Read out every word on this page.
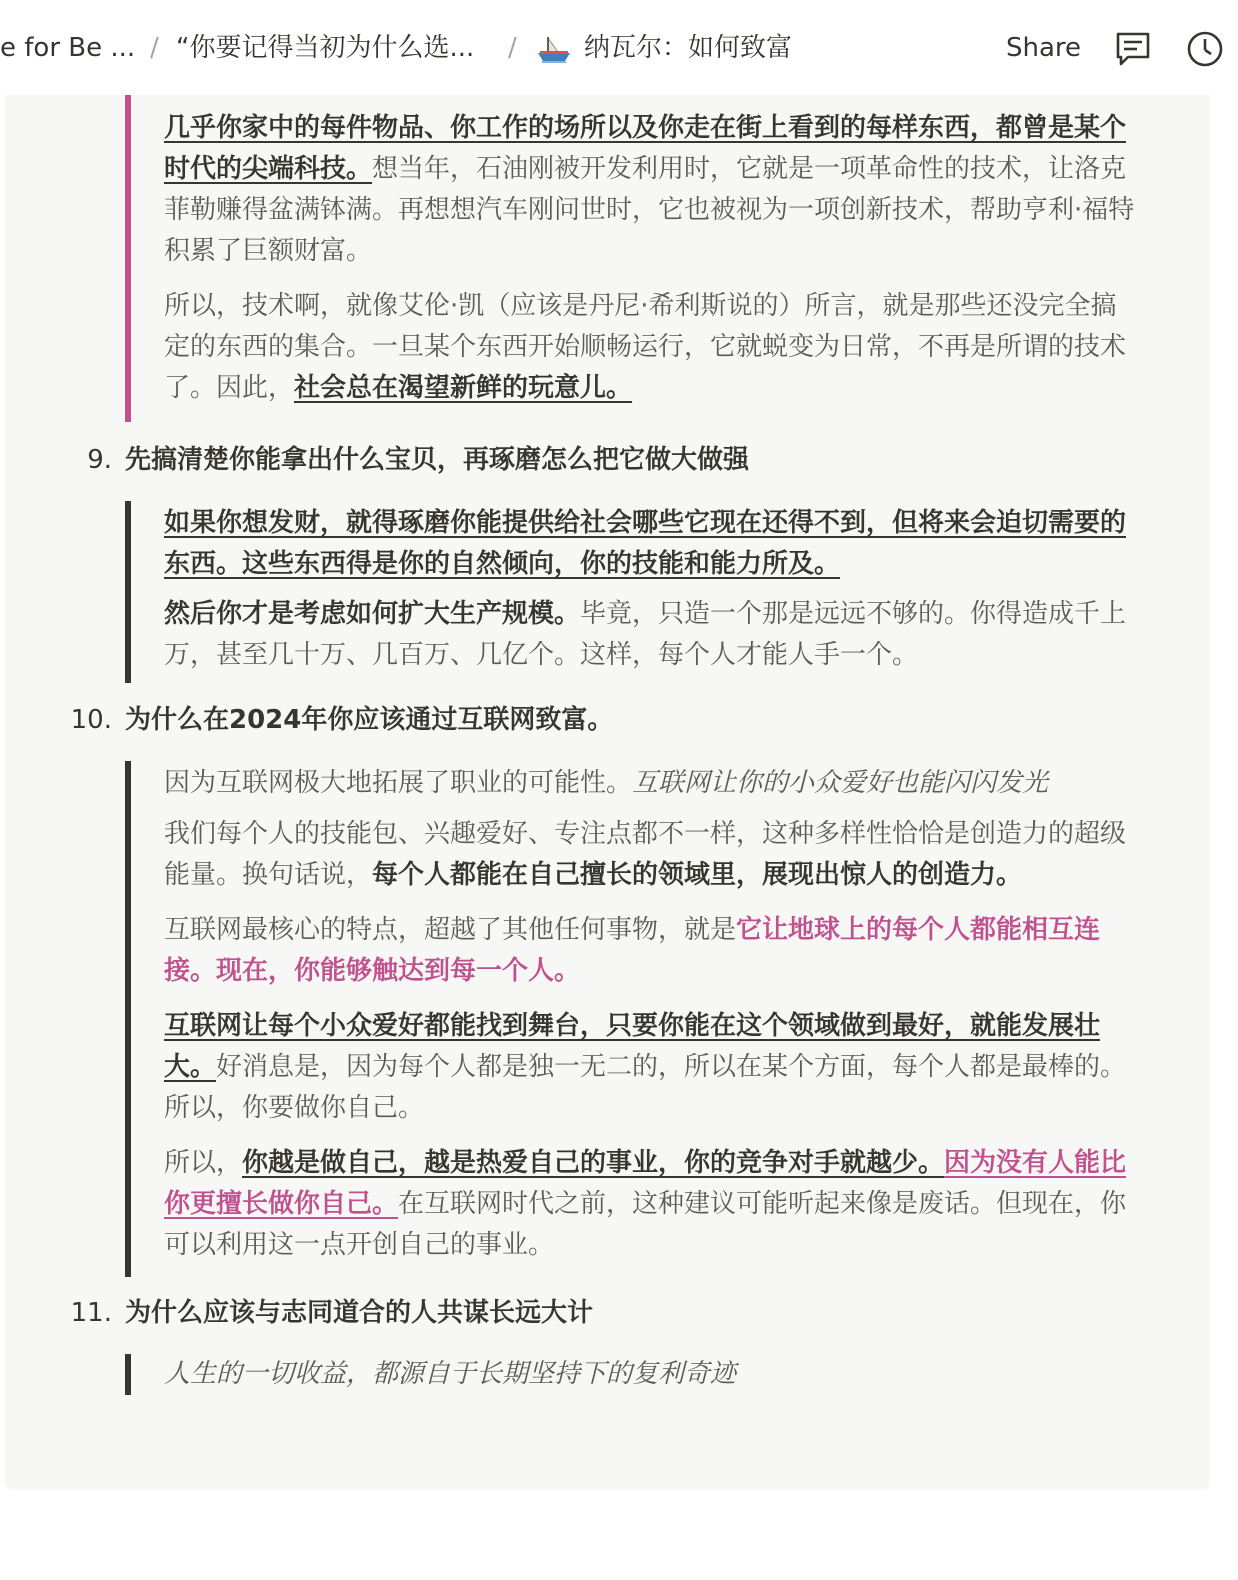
e for Be ... / “你要记得当初为什么选... /	纳瓦尔：如何致富	Share

几乎你家中的每件物品、你工作的场所以及你走在街上看到的每样东西，都曾是某个时代的尖端科技。想当年，石油刚被开发利用时，它就是一项革命性的技术，让洛克菲勒赚得盆满钵满。再想想汽车刚问世时，它也被视为一项创新技术，帮助亨利·福特积累了巨额财富。

所以，技术啊，就像艾伦·凯（应该是丹尼·希利斯说的）所言，就是那些还没完全搞定的东西的集合。一旦某个东西开始顺畅运行，它就蜕变为日常，不再是所谓的技术了。因此，社会总在渴望新鲜的玩意儿。

9. 先搞清楚你能拿出什么宝贝，再琢磨怎么把它做大做强

如果你想发财，就得琢磨你能提供给社会哪些它现在还得不到，但将来会迫切需要的东西。这些东西得是你的自然倾向，你的技能和能力所及。

然后你才是考虑如何扩大生产规模。毕竟，只造一个那是远远不够的。你得造成千上万，甚至几十万、几百万、几亿个。这样，每个人才能人手一个。

10. 为什么在2024年你应该通过互联网致富。

因为互联网极大地拓展了职业的可能性。互联网让你的小众爱好也能闪闪发光

我们每个人的技能包、兴趣爱好、专注点都不一样，这种多样性恰恰是创造力的超级能量。换句话说，每个人都能在自己擅长的领域里，展现出惊人的创造力。

互联网最核心的特点，超越了其他任何事物，就是它让地球上的每个人都能相互连接。现在，你能够触达到每一个人。

互联网让每个小众爱好都能找到舞台，只要你能在这个领域做到最好，就能发展壮大。好消息是，因为每个人都是独一无二的，所以在某个方面，每个人都是最棒的。所以，你要做你自己。

所以，你越是做自己，越是热爱自己的事业，你的竞争对手就越少。因为没有人能比你更擅长做你自己。在互联网时代之前，这种建议可能听起来像是废话。但现在，你可以利用这一点开创自己的事业。

11. 为什么应该与志同道合的人共谋长远大计

人生的一切收益，都源自于长期坚持下的复利奇迹
